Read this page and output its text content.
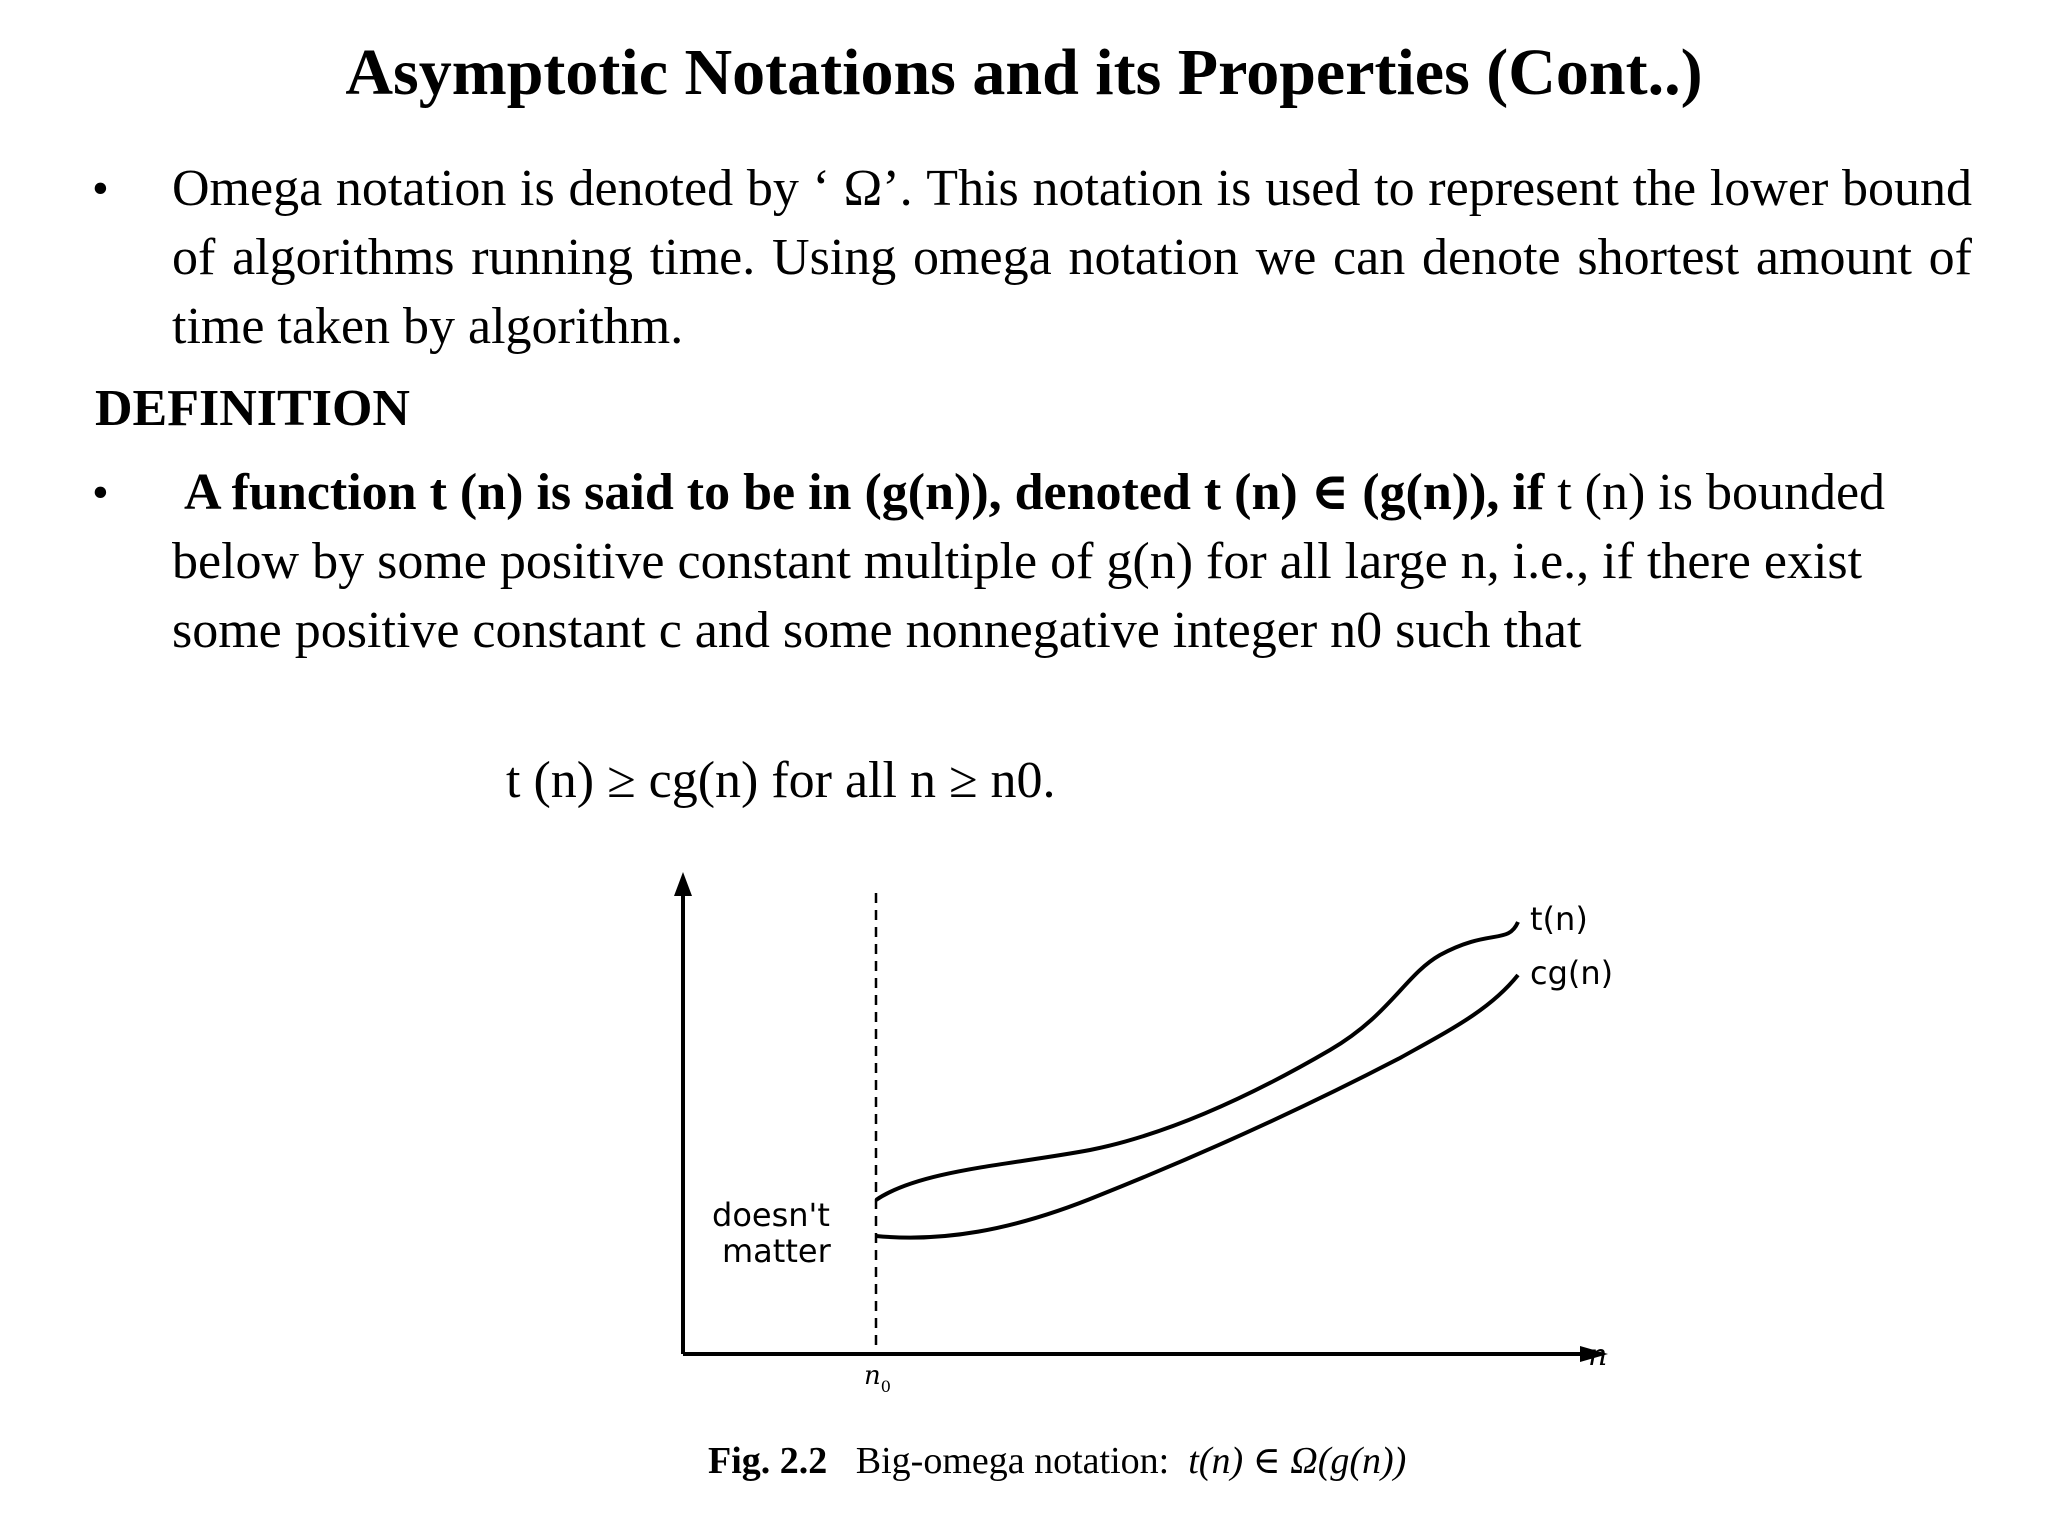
Asymptotic Notations and its Properties (Cont..)
•	Omega notation is denoted by ‘ Ω’. This notation is used to represent the lower bound of algorithms running time. Using omega notation we can denote shortest amount of time taken by algorithm.
DEFINITION
•	A function t (n) is said to be in (g(n)), denoted t (n) ∈ (g(n)), if t (n) is bounded below by some positive constant multiple of g(n) for all large n, i.e., if there exist some positive constant c and some nonnegative integer n0 such that
t (n) ≥ cg(n) for all n ≥ n0.
t(n)
cg(n)
doesn't
matter
n
$n_0$
Fig. 2.2 Big-omega notation: t(n) ∈ Ω(g(n))
